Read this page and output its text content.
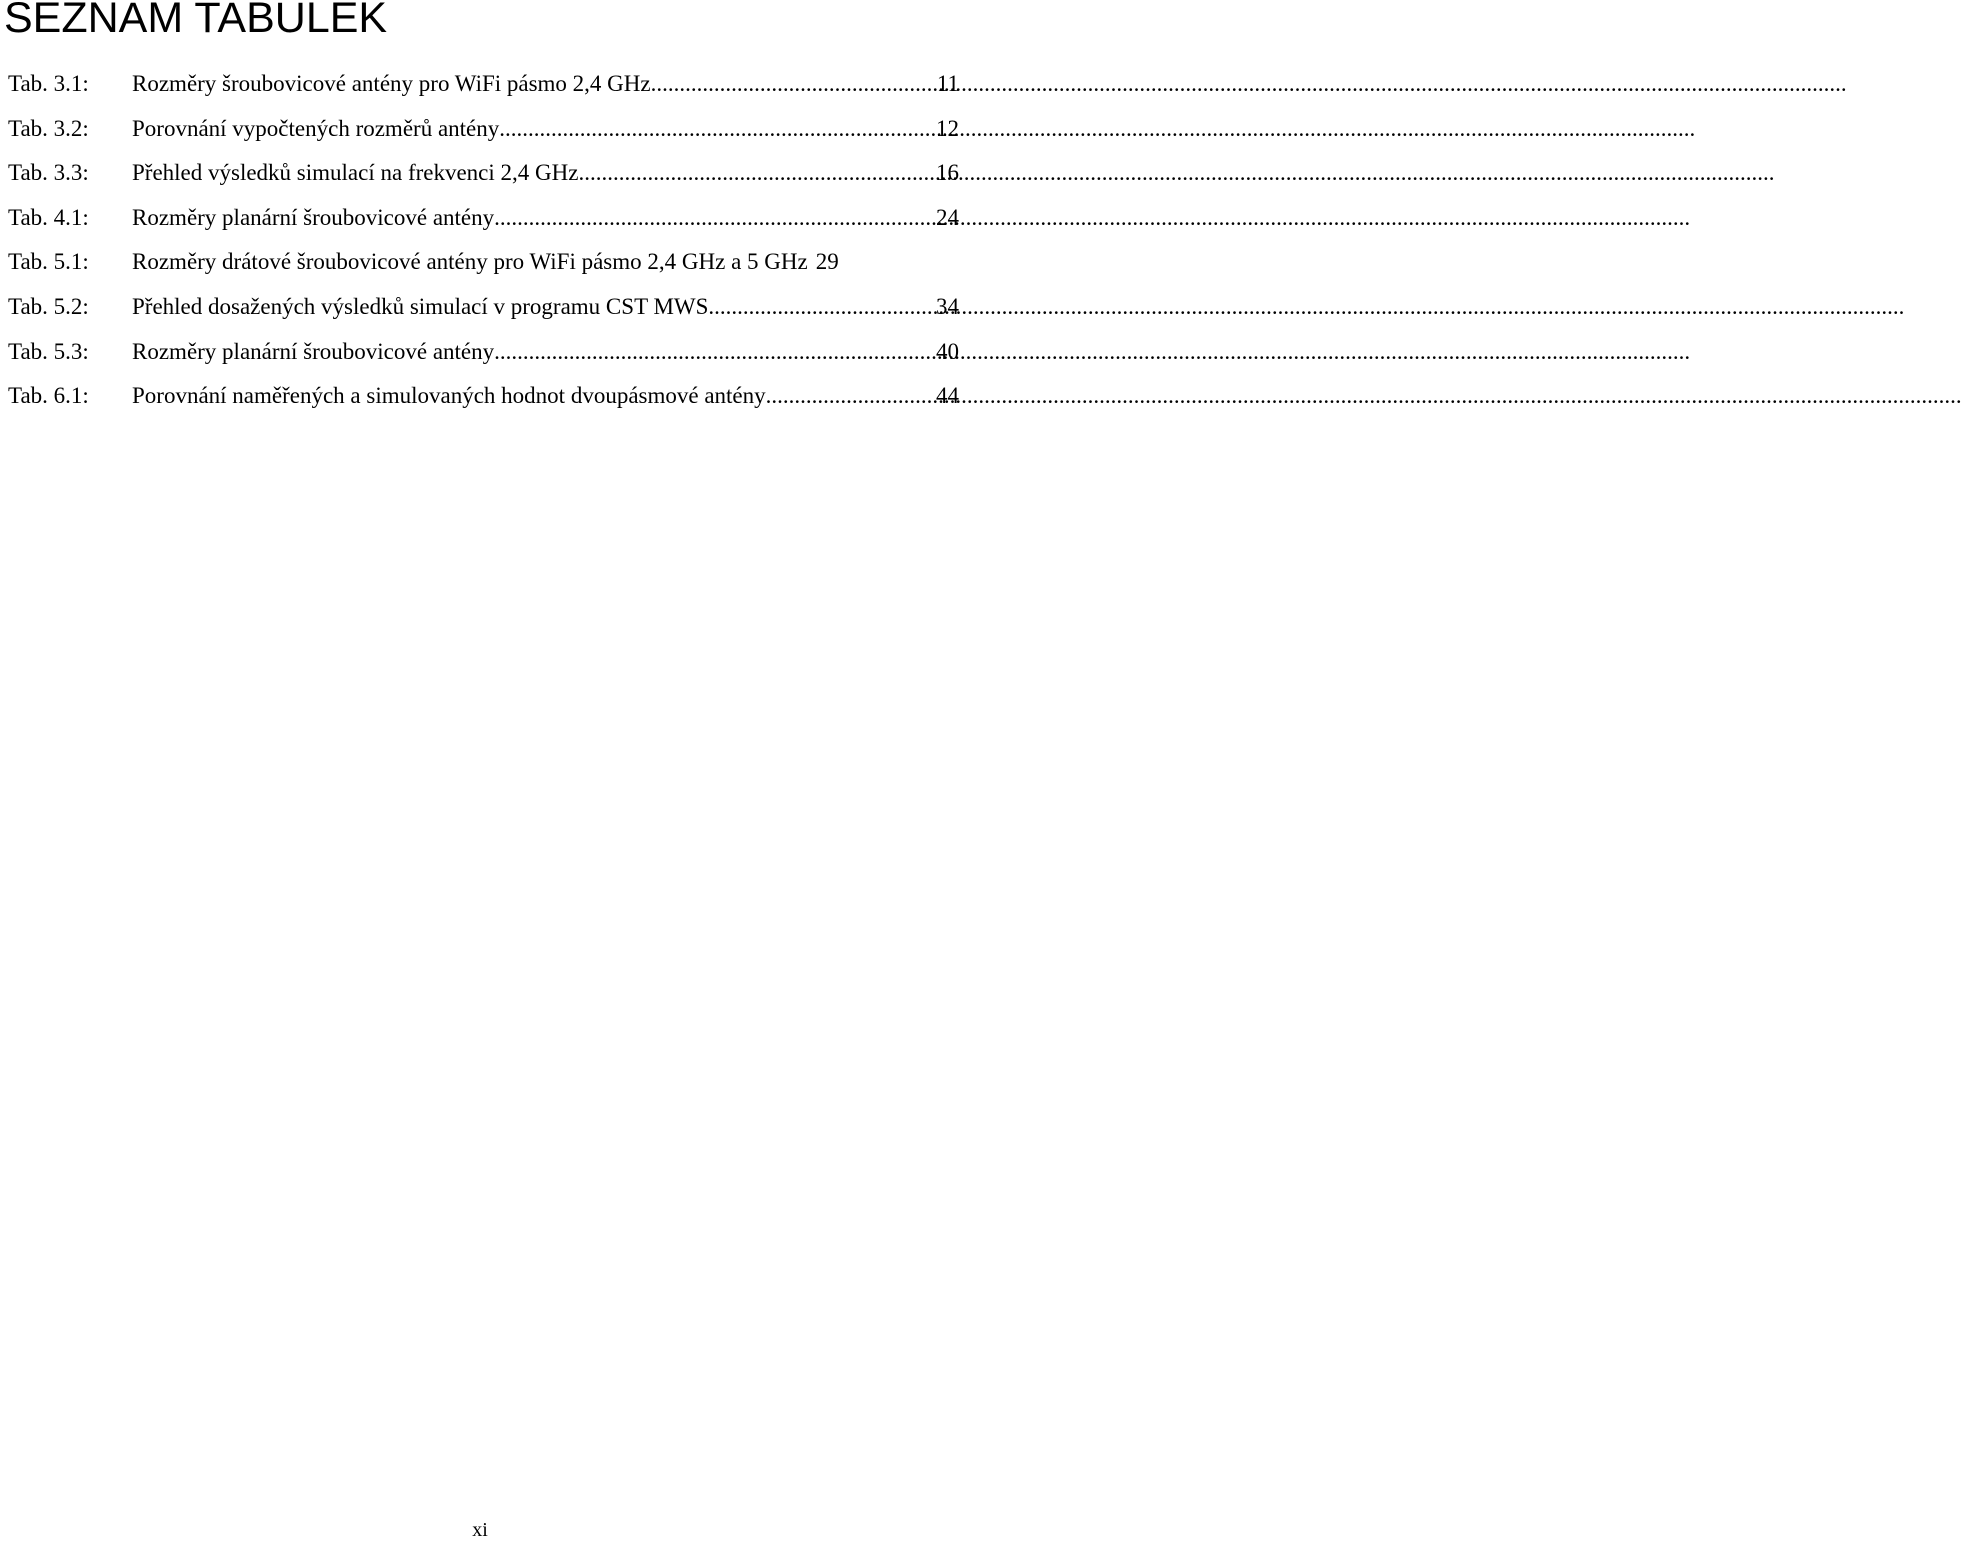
SEZNAM TABULEK
Tab. 3.1:	Rozměry šroubovicové antény pro WiFi pásmo 2,4 GHz .....	11
Tab. 3.2:	Porovnání vypočtených rozměrů antény .....	12
Tab. 3.3:	Přehled výsledků simulací na frekvenci 2,4 GHz .....	16
Tab. 4.1:	Rozměry planární šroubovicové antény .....	24
Tab. 5.1:	Rozměry drátové šroubovicové antény pro WiFi pásmo 2,4 GHz a 5 GHz 29
Tab. 5.2:	Přehled dosažených výsledků simulací v programu CST MWS .....	34
Tab. 5.3:	Rozměry planární šroubovicové antény .....	40
Tab. 6.1:	Porovnání naměřených a simulovaných hodnot dvoupásmové antény .....	44
xi
